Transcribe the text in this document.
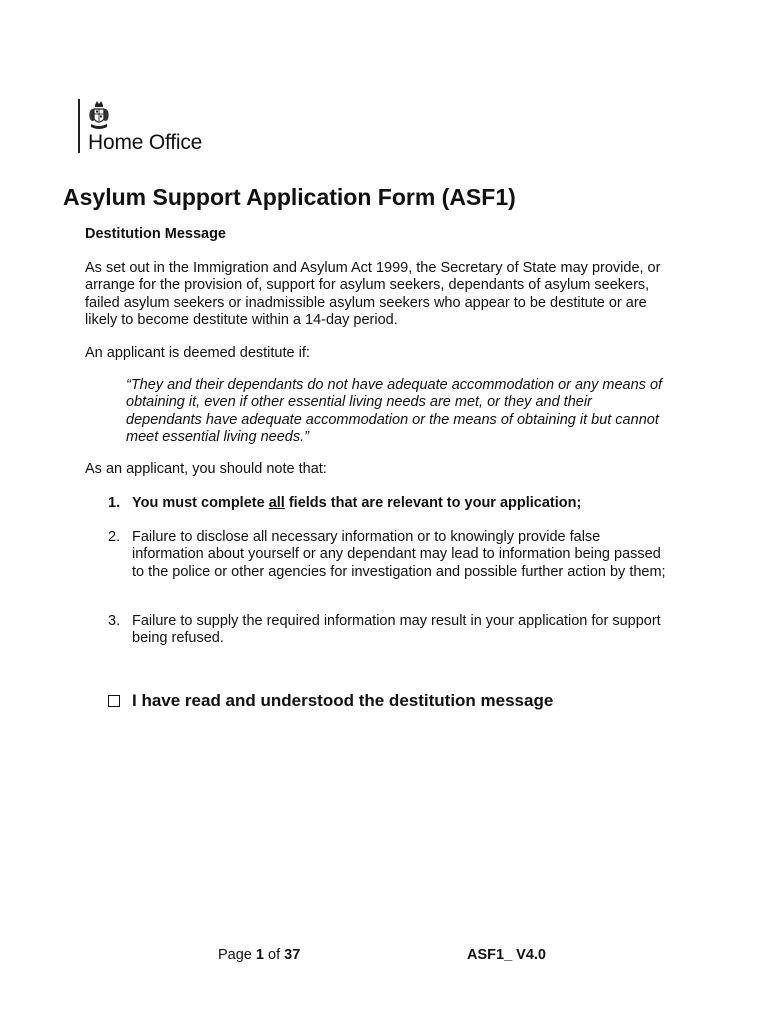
Home Office
Asylum Support Application Form (ASF1)
Destitution Message

As set out in the Immigration and Asylum Act 1999, the Secretary of State may provide, or arrange for the provision of, support for asylum seekers, dependants of asylum seekers, failed asylum seekers or inadmissible asylum seekers who appear to be destitute or are likely to become destitute within a 14-day period.

An applicant is deemed destitute if:

“They and their dependants do not have adequate accommodation or any means of obtaining it, even if other essential living needs are met, or they and their dependants have adequate accommodation or the means of obtaining it but cannot meet essential living needs.”

As an applicant, you should note that:

1. You must complete all fields that are relevant to your application;
2. Failure to disclose all necessary information or to knowingly provide false information about yourself or any dependant may lead to information being passed to the police or other agencies for investigation and possible further action by them;
3. Failure to supply the required information may result in your application for support being refused.
I have read and understood the destitution message
Page 1 of 37	ASF1_ V4.0
